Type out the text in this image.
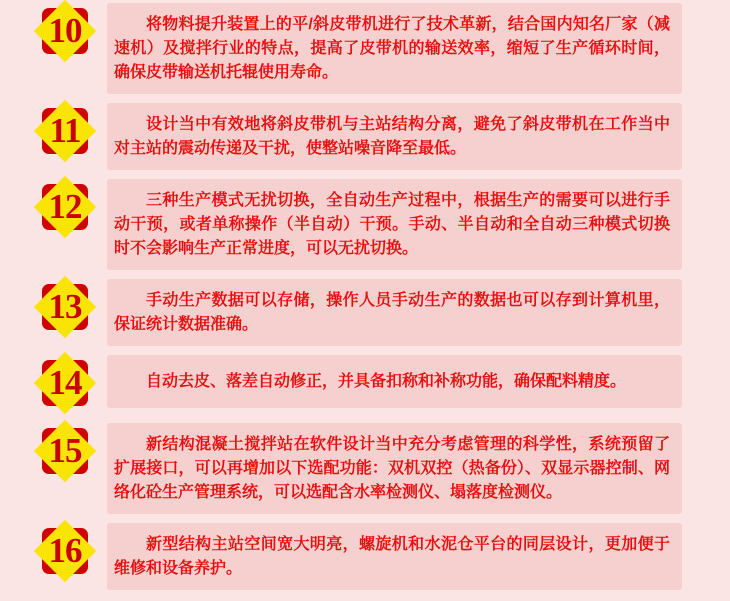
10	将物料提升装置上的平/斜皮带机进行了技术革新，结合国内知名厂家（减速机）及搅拌行业的特点，提高了皮带机的输送效率，缩短了生产循环时间，确保皮带输送机托辊使用寿命。
11	设计当中有效地将斜皮带机与主站结构分离，避免了斜皮带机在工作当中对主站的震动传递及干扰，使整站噪音降至最低。
12	三种生产模式无扰切换，全自动生产过程中，根据生产的需要可以进行手动干预，或者单称操作（半自动）干预。手动、半自动和全自动三种模式切换时不会影响生产正常进度，可以无扰切换。
13	手动生产数据可以存储，操作人员手动生产的数据也可以存到计算机里，保证统计数据准确。
14	自动去皮、落差自动修正，并具备扣称和补称功能，确保配料精度。
15	新结构混凝土搅拌站在软件设计当中充分考虑管理的科学性，系统预留了扩展接口，可以再增加以下选配功能：双机双控（热备份）、双显示器控制、网络化砼生产管理系统，可以选配含水率检测仪、塌落度检测仪。
16	新型结构主站空间宽大明亮，螺旋机和水泥仓平台的同层设计，更加便于维修和设备养护。
